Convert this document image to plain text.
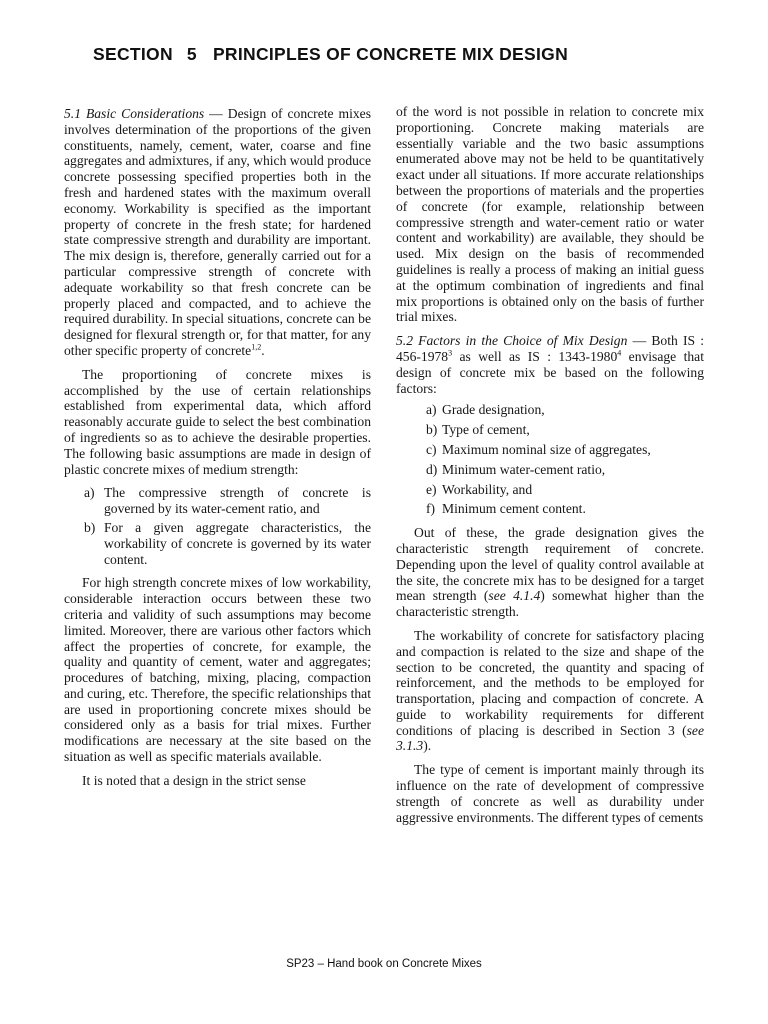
SECTION 5 PRINCIPLES OF CONCRETE MIX DESIGN

5.1 Basic Considerations — Design of concrete mixes involves determination of the proportions of the given constituents, namely, cement, water, coarse and fine aggregates and admixtures, if any, which would produce concrete possessing specified properties both in the fresh and hardened states with the maximum overall economy. Workability is specified as the important property of concrete in the fresh state; for hardened state compressive strength and durability are important. The mix design is, therefore, generally carried out for a particular compressive strength of concrete with adequate workability so that fresh concrete can be properly placed and compacted, and to achieve the required durability. In special situations, concrete can be designed for flexural strength or, for that matter, for any other specific property of concrete$^{1,2}$.

The proportioning of concrete mixes is accomplished by the use of certain relationships established from experimental data, which afford reasonably accurate guide to select the best combination of ingredients so as to achieve the desirable properties. The following basic assumptions are made in design of plastic concrete mixes of medium strength:

a) The compressive strength of concrete is governed by its water-cement ratio, and
b) For a given aggregate characteristics, the workability of concrete is governed by its water content.

For high strength concrete mixes of low workability, considerable interaction occurs between these two criteria and validity of such assumptions may become limited. Moreover, there are various other factors which affect the properties of concrete, for example, the quality and quantity of cement, water and aggregates; procedures of batching, mixing, placing, compaction and curing, etc. Therefore, the specific relationships that are used in proportioning concrete mixes should be considered only as a basis for trial mixes. Further modifications are necessary at the site based on the situation as well as specific materials available.

It is noted that a design in the strict sense

of the word is not possible in relation to concrete mix proportioning. Concrete making materials are essentially variable and the two basic assumptions enumerated above may not be held to be quantitatively exact under all situations. If more accurate relationships between the proportions of materials and the properties of concrete (for example, relationship between compressive strength and water-cement ratio or water content and workability) are available, they should be used. Mix design on the basis of recommended guidelines is really a process of making an initial guess at the optimum combination of ingredients and final mix proportions is obtained only on the basis of further trial mixes.

5.2 Factors in the Choice of Mix Design — Both IS : 456-1978$^3$ as well as IS : 1343-1980$^4$ envisage that design of concrete mix be based on the following factors:

a) Grade designation,
b) Type of cement,
c) Maximum nominal size of aggregates,
d) Minimum water-cement ratio,
e) Workability, and
f) Minimum cement content.

Out of these, the grade designation gives the characteristic strength requirement of concrete. Depending upon the level of quality control available at the site, the concrete mix has to be designed for a target mean strength (see 4.1.4) somewhat higher than the characteristic strength.

The workability of concrete for satisfactory placing and compaction is related to the size and shape of the section to be concreted, the quantity and spacing of reinforcement, and the methods to be employed for transportation, placing and compaction of concrete. A guide to workability requirements for different conditions of placing is described in Section 3 (see 3.1.3).

The type of cement is important mainly through its influence on the rate of development of compressive strength of concrete as well as durability under aggressive environments. The different types of cements

SP23 – Hand book on Concrete Mixes
